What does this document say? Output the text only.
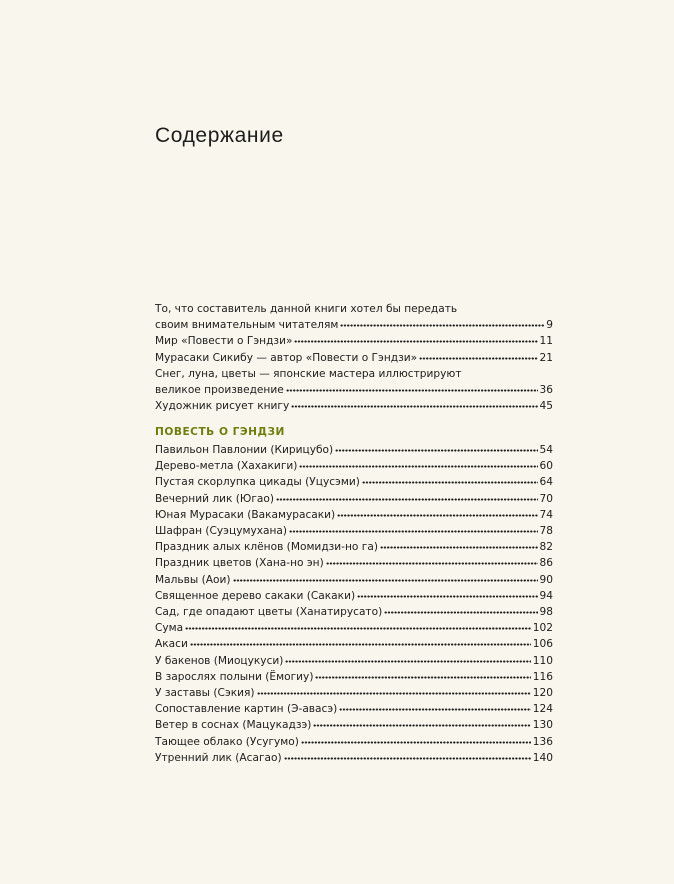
Содержание
То, что составитель данной книги хотел бы передать
своим внимательным читателям	9
Мир «Повести о Гэндзи»	11
Мурасаки Сикибу — автор «Повести о Гэндзи»	21
Снег, луна, цветы — японские мастера иллюстрируют
великое произведение	36
Художник рисует книгу	45
ПОВЕСТЬ О ГЭНДЗИ
Павильон Павлонии (Кирицубо)	54
Дерево-метла (Хахакиги)	60
Пустая скорлупка цикады (Уцусэми)	64
Вечерний лик (Югао)	70
Юная Мурасаки (Вакамурасаки)	74
Шафран (Суэцумухана)	78
Праздник алых клёнов (Момидзи-но га)	82
Праздник цветов (Хана-но эн)	86
Мальвы (Аои)	90
Священное дерево сакаки (Сакаки)	94
Сад, где опадают цветы (Ханатирусато)	98
Сума	102
Акаси	106
У бакенов (Миоцукуси)	110
В зарослях полыни (Ёмогиу)	116
У заставы (Сэкия)	120
Сопоставление картин (Э-авасэ)	124
Ветер в соснах (Мацукадзэ)	130
Тающее облако (Усугумо)	136
Утренний лик (Асагао)	140
